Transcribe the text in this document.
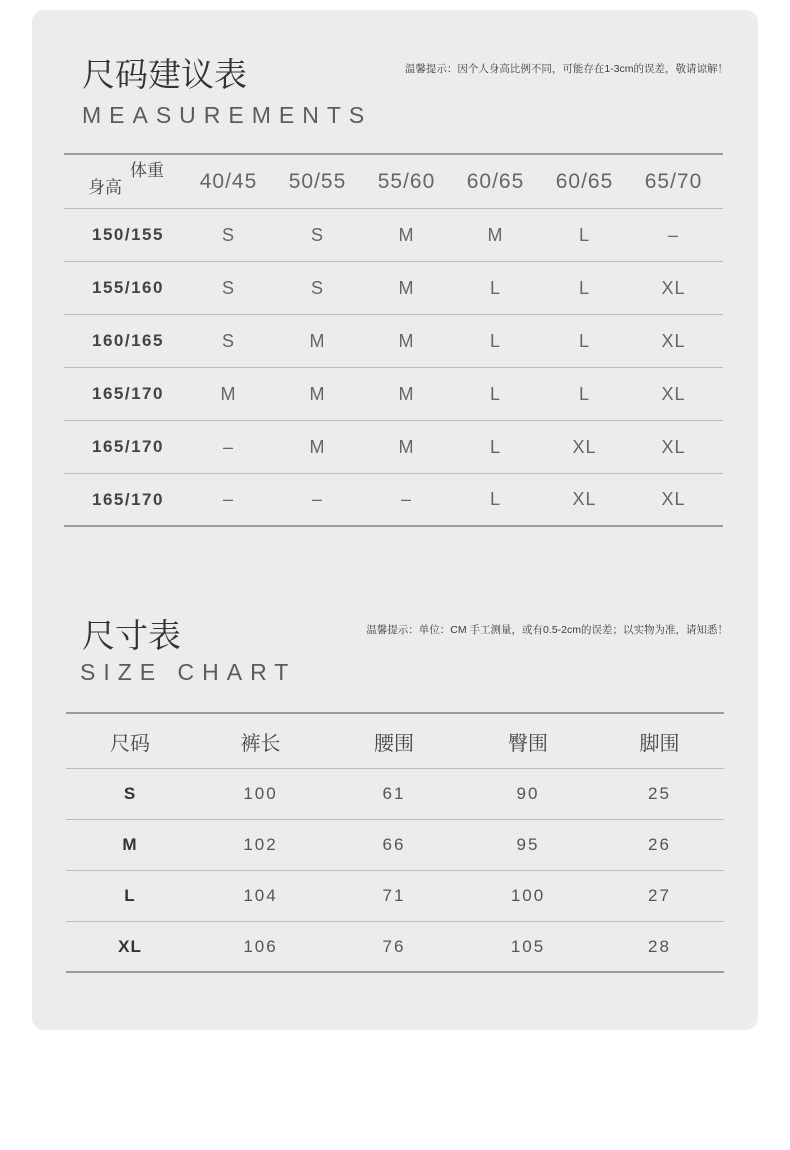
尺码建议表
MEASUREMENTS
温馨提示：因个人身高比例不同，可能存在1-3cm的误差，敬请谅解！
体重
身高	40/45	50/55	55/60	60/65	60/65	65/70
150/155	S	S	M	M	L	–
155/160	S	S	M	L	L	XL
160/165	S	M	M	L	L	XL
165/170	M	M	M	L	L	XL
165/170	–	M	M	L	XL	XL
165/170	–	–	–	L	XL	XL
尺寸表
SIZE CHART
温馨提示：单位：CM 手工测量，或有0.5-2cm的误差；以实物为准，请知悉！
尺码	裤长	腰围	臀围	脚围
S	100	61	90	25
M	102	66	95	26
L	104	71	100	27
XL	106	76	105	28
